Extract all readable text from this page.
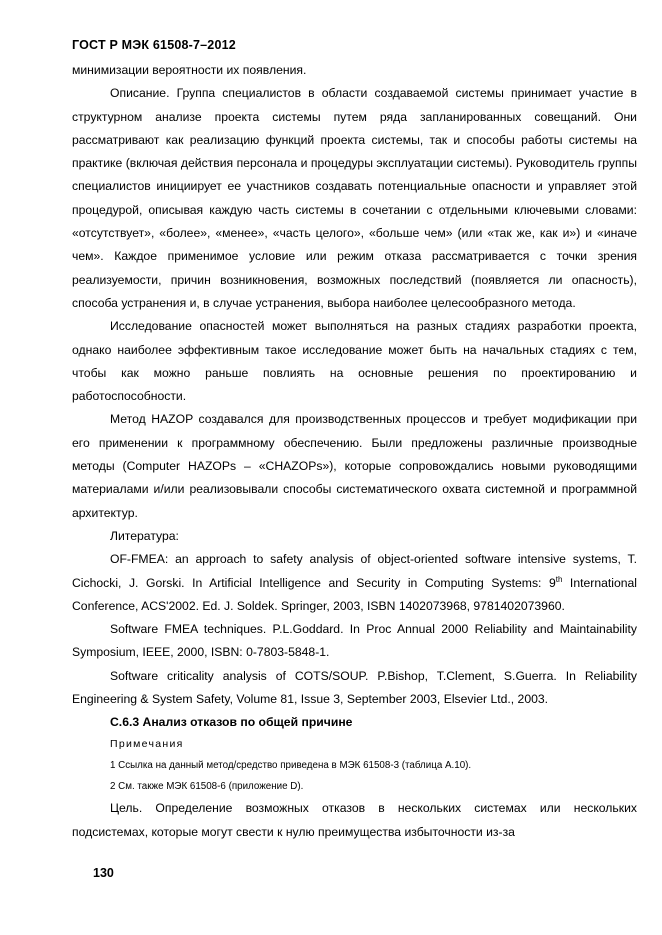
ГОСТ Р МЭК 61508-7–2012

минимизации вероятности их появления.

Описание. Группа специалистов в области создаваемой системы принимает участие в структурном анализе проекта системы путем ряда запланированных совещаний. Они рассматривают как реализацию функций проекта системы, так и способы работы системы на практике (включая действия персонала и процедуры эксплуатации системы). Руководитель группы специалистов инициирует ее участников создавать потенциальные опасности и управляет этой процедурой, описывая каждую часть системы в сочетании с отдельными ключевыми словами: «отсутствует», «более», «менее», «часть целого», «больше чем» (или «так же, как и») и «иначе чем». Каждое применимое условие или режим отказа рассматривается с точки зрения реализуемости, причин возникновения, возможных последствий (появляется ли опасность), способа устранения и, в случае устранения, выбора наиболее целесообразного метода.

Исследование опасностей может выполняться на разных стадиях разработки проекта, однако наиболее эффективным такое исследование может быть на начальных стадиях с тем, чтобы как можно раньше повлиять на основные решения по проектированию и работоспособности.

Метод HAZOP создавался для производственных процессов и требует модификации при его применении к программному обеспечению. Были предложены различные производные методы (Computer HAZOPs – «CHAZOPs»), которые сопровождались новыми руководящими материалами и/или реализовывали способы систематического охвата системной и программной архитектур.

Литература:

OF-FMEA: an approach to safety analysis of object-oriented software intensive systems, T. Cichocki, J. Gorski. In Artificial Intelligence and Security in Computing Systems: 9th International Conference, ACS'2002. Ed. J. Soldek. Springer, 2003, ISBN 1402073968, 9781402073960.

Software FMEA techniques. P.L.Goddard. In Proc Annual 2000 Reliability and Maintainability Symposium, IEEE, 2000, ISBN: 0-7803-5848-1.

Software criticality analysis of COTS/SOUP. P.Bishop, T.Clement, S.Guerra. In Reliability Engineering & System Safety, Volume 81, Issue 3, September 2003, Elsevier Ltd., 2003.

С.6.3 Анализ отказов по общей причине

Примечания

1 Ссылка на данный метод/средство приведена в МЭК 61508-3 (таблица А.10).

2 См. также МЭК 61508-6 (приложение D).

Цель. Определение возможных отказов в нескольких системах или нескольких подсистемах, которые могут свести к нулю преимущества избыточности из-за

130
